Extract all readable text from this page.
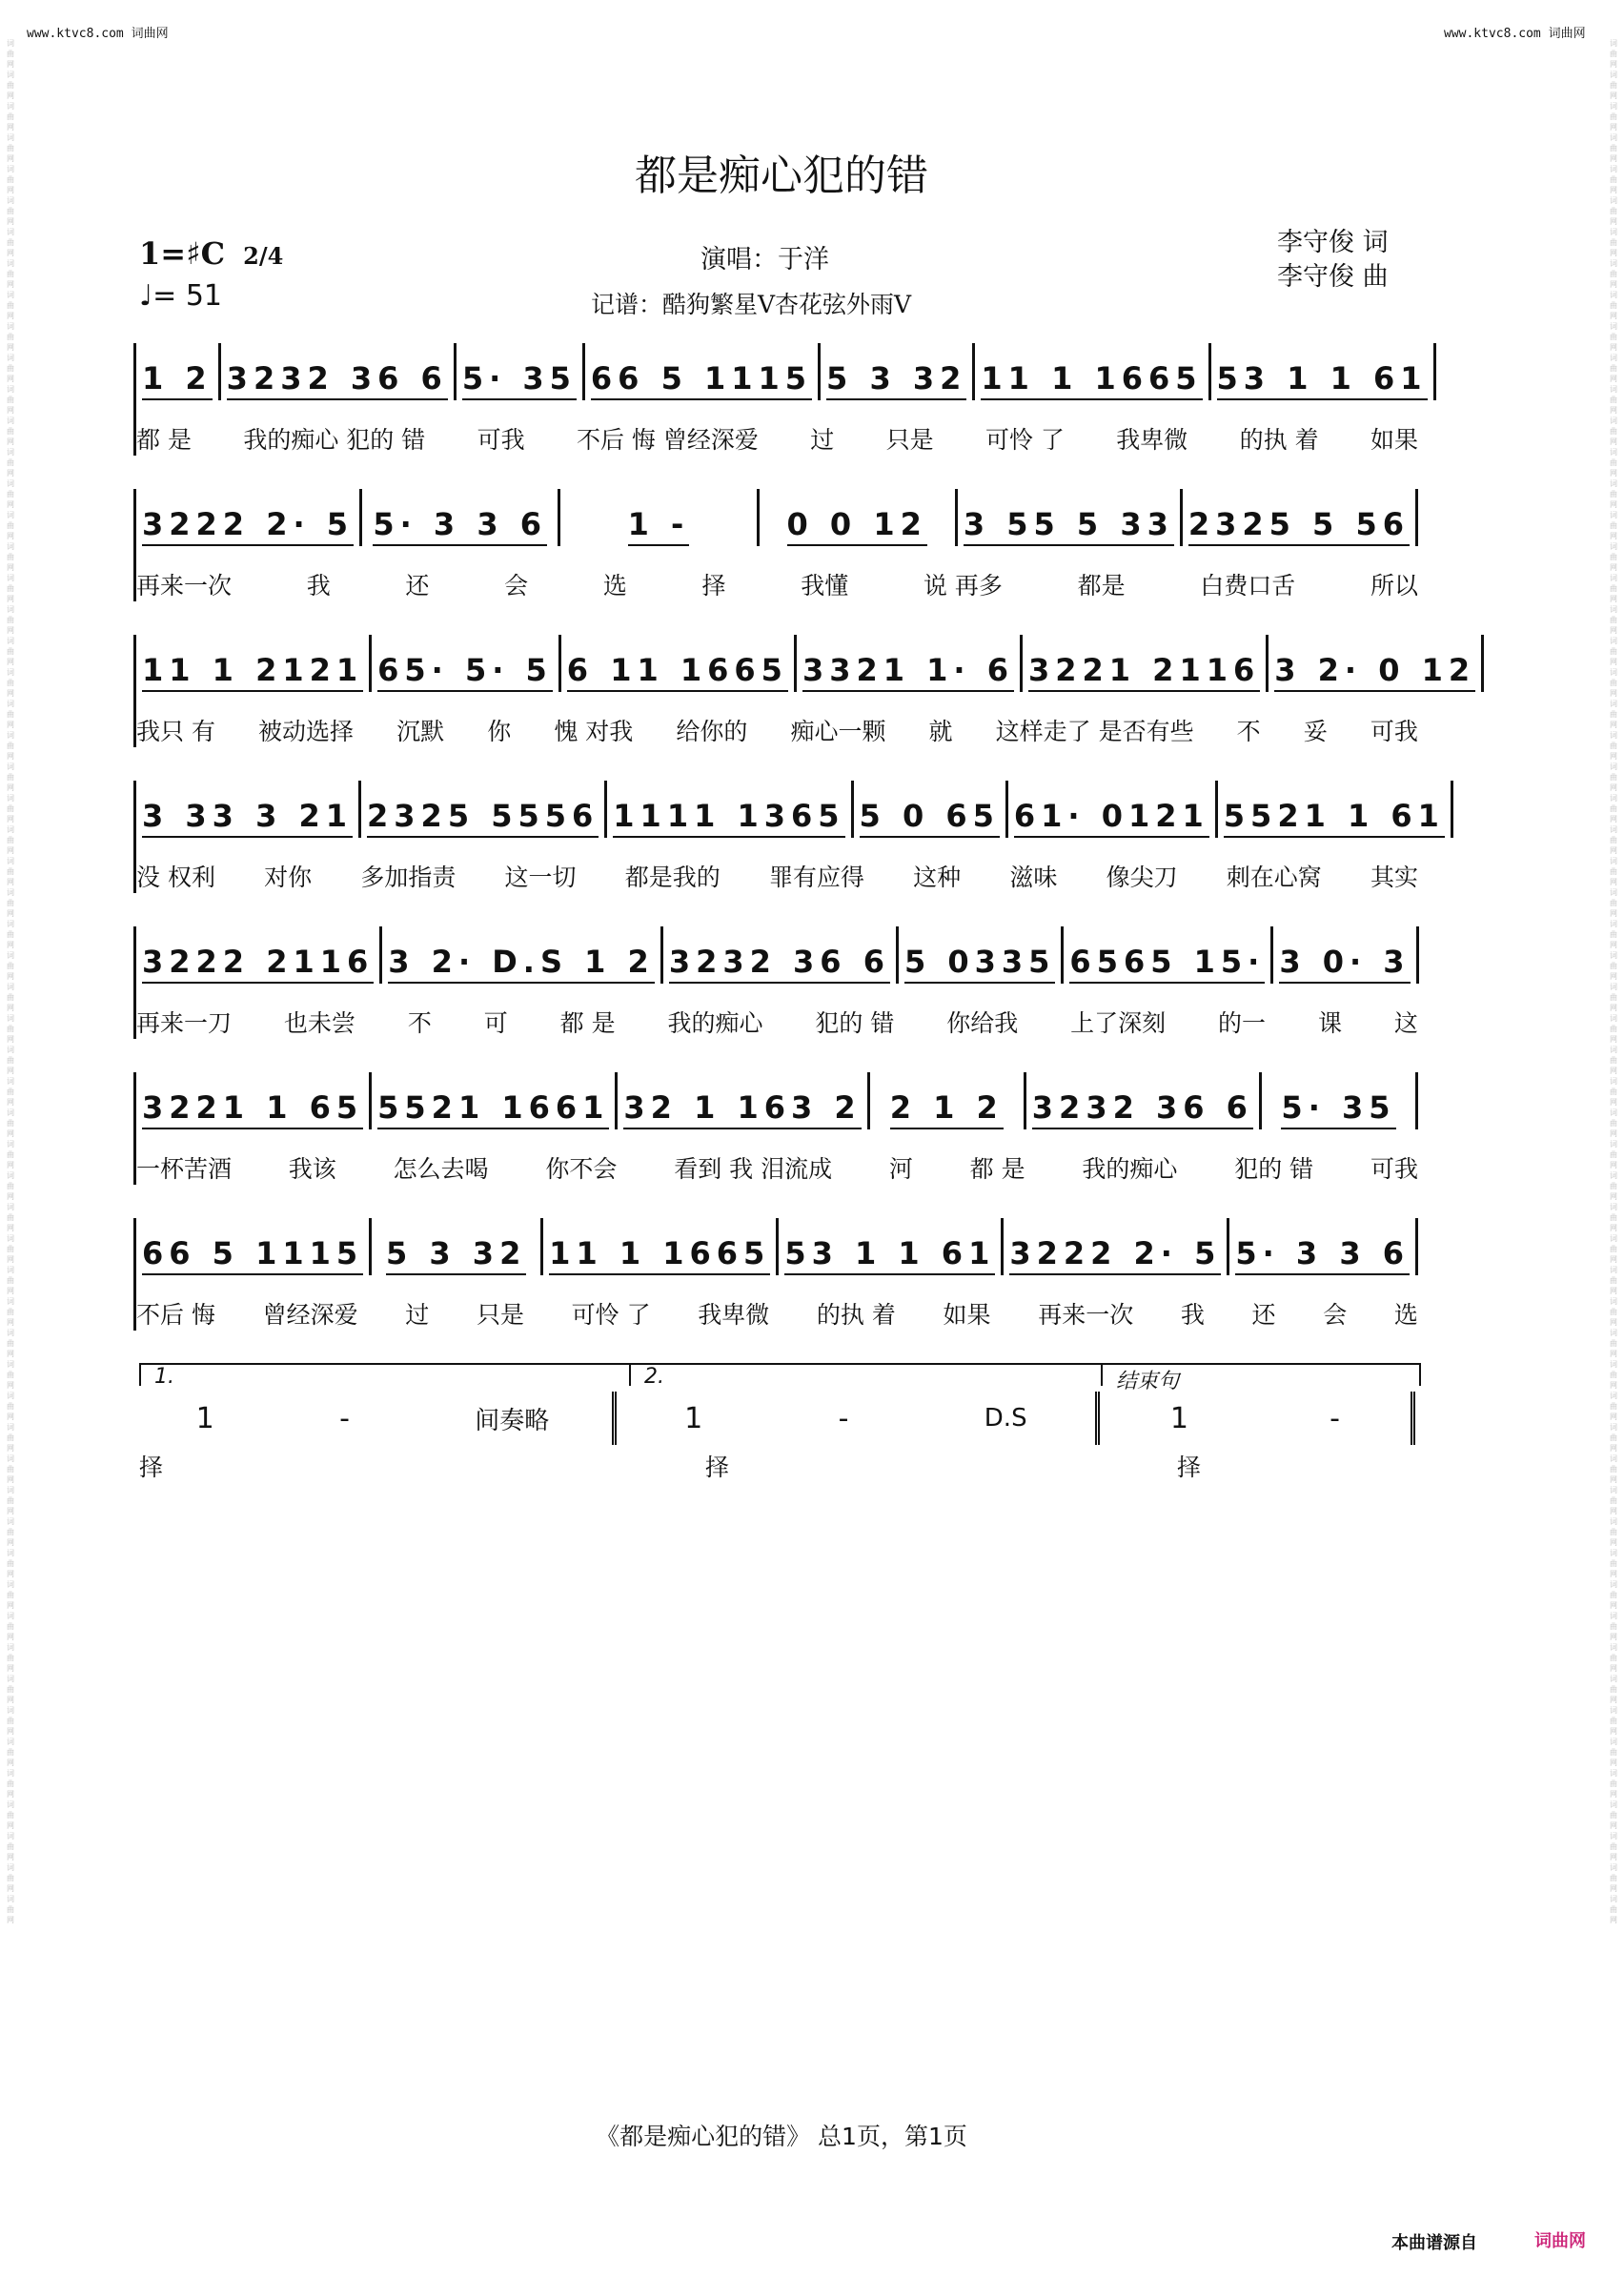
www.ktvc8.com 词曲网	www.ktvc8.com 词曲网
词曲网词曲网词曲网词曲网词曲网词曲网词曲网词曲网词曲网词曲网词曲网词曲网词曲网词曲网词曲网词曲网词曲网词曲网词曲网词曲网词曲网词曲网词曲网词曲网词曲网词曲网词曲网词曲网词曲网词曲网词曲网词曲网词曲网词曲网词曲网词曲网词曲网词曲网词曲网词曲网词曲网词曲网词曲网词曲网词曲网词曲网词曲网词曲网词曲网词曲网词曲网词曲网词曲网词曲网词曲网词曲网词曲网词曲网词曲网词曲网
词曲网词曲网词曲网词曲网词曲网词曲网词曲网词曲网词曲网词曲网词曲网词曲网词曲网词曲网词曲网词曲网词曲网词曲网词曲网词曲网词曲网词曲网词曲网词曲网词曲网词曲网词曲网词曲网词曲网词曲网词曲网词曲网词曲网词曲网词曲网词曲网词曲网词曲网词曲网词曲网词曲网词曲网词曲网词曲网词曲网词曲网词曲网词曲网词曲网词曲网词曲网词曲网词曲网词曲网词曲网词曲网词曲网词曲网词曲网词曲网
都是痴心犯的错
1=♯C 2/4
♩= 51
演唱：于洋
记谱：酷狗繁星V杏花弦外雨V
李守俊 词
李守俊 曲
1 2 3232 36 6 5· 35 66 5 1115 5 3 32 11 1 1665 53 1 1 61
都 是 我的痴心 犯的 错 可我 不后 悔 曾经深爱 过 只是 可怜 了 我卑微 的执 着 如果
3222 2· 5 5· 3 3 6	1 -	0 0 12 3 55 5 33 2325 5 56
再来一次	我	还	会	选	择	我懂	说 再多	都是	白费口舌	所以
11 1 2121 65· 5· 5 6 11 1665 3321 1· 6 3221 2116 3 2· 0 12
我只 有 被动选择 沉默 你 愧 对我 给你的 痴心一颗 就 这样走了 是否有些 不 妥 可我
3 33 3 21 2325 5556 1111 1365 5 0 65 61· 0121 5521 1 61
没 权利 对你 多加指责 这一切 都是我的 罪有应得 这种 滋味 像尖刀 刺在心窝 其实
3222 2116 3 2· D.S 1 2 3232 36 6 5 0335 6565 15· 3 0· 3
再来一刀 也未尝 不 可 都 是 我的痴心 犯的 错 你给我 上了深刻 的一 课 这
3221 1 65 5521 1661 32 1 163 2 2 1 2 3232 36 6 5· 35
一杯苦酒 我该 怎么去喝 你不会 看到 我 泪流成 河 都 是 我的痴心 犯的 错 可我
66 5 1115 5 3 32 11 1 1665 53 1 1 61 3222 2· 5 5· 3 3 6
不后 悔 曾经深爱 过 只是 可怜 了 我卑微 的执 着 如果 再来一次 我 还 会 选
1.	2.	结束句
1	-	间奏略	1	-	D.S	1	-
择	择	择
《都是痴心犯的错》 总1页，第1页
本曲谱源自	词曲网
